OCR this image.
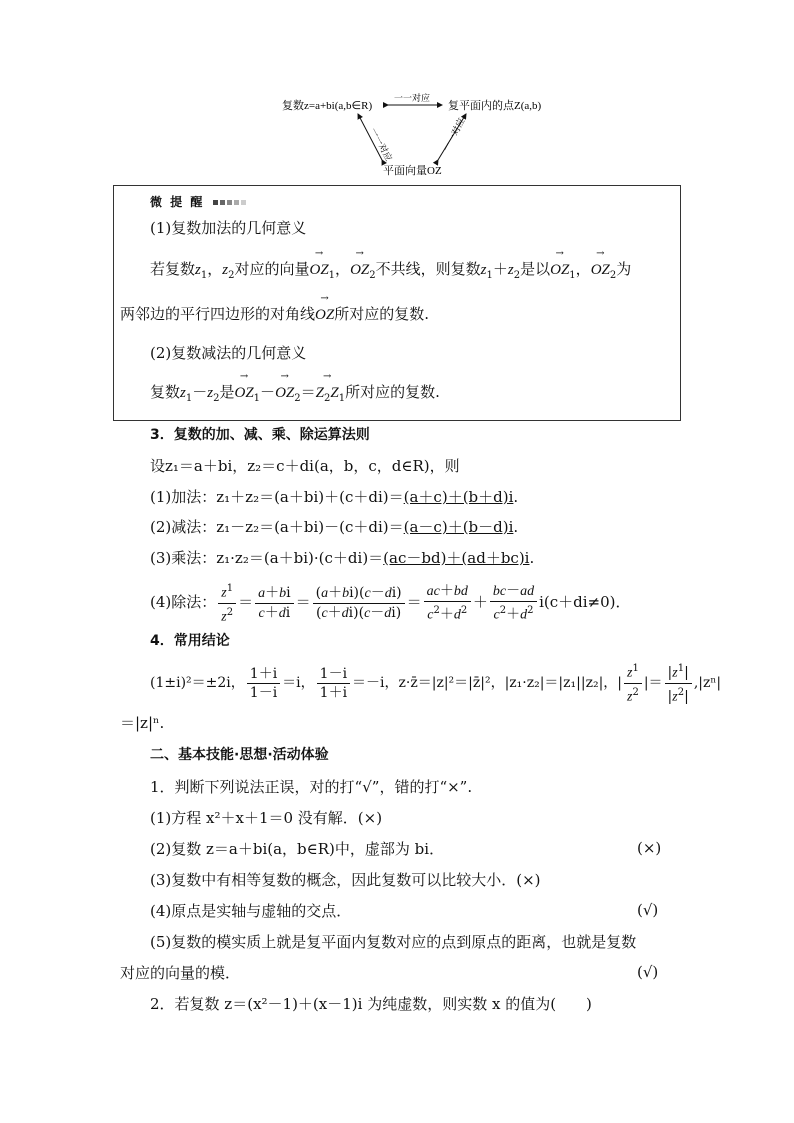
复数z=a+bi(a,b∈R)	复平面内的点Z(a,b)
平面向量OZ
一一对应
一一对应	一一对应
微 提 醒
(1)复数加法的几何意义
若复数$z_1$，$z_2$对应的向量→ $OZ_1$，→ $OZ_2$不共线，则复数$z_1+z_2$是以→ $OZ_1$，→ $OZ_2$为
两邻边的平行四边形的对角线→ OZ所对应的复数.
(2)复数减法的几何意义
复数$z_1-z_2$是→ $OZ_1-\to OZ_2=\to Z_2Z_1$所对应的复数.
3．复数的加、减、乘、除运算法则
设z₁＝a＋bi，z₂＝c＋di(a，b，c，d∈R)，则
(1)加法：z₁＋z₂＝(a＋bi)＋(c＋di)＝(a＋c)＋(b＋d)i.
(2)减法：z₁－z₂＝(a＋bi)－(c＋di)＝(a－c)＋(b－d)i.
(3)乘法：z₁·z₂＝(a＋bi)·(c＋di)＝(ac－bd)＋(ad＋bc)i.
(4)除法： $\frac{z^1}{z^2} = \frac{a+bi}{c+di} = \frac{(a+bi)(c-di)}{(c+di)(c-di)} = \frac{ac+bd}{c^2+d^2} + \frac{bc-ad}{c^2+d^2} i(c+di\ne 0)$．
4．常用结论
(1±i)²＝±2i， $\frac{1+i}{1-i} =i$， $\frac{1-i}{1+i} =-i$，z·z̄＝|z|²＝|z̄|²，|z₁·z₂|＝|z₁||z₂|，| $\frac{z^1}{z^2}$ |＝ $\frac{|z^1|}{|z^2|} ,|z^n|$
＝|z|ⁿ.
二、基本技能·思想·活动体验
1．判断下列说法正误，对的打“√”，错的打“×”.
(1)方程 x²＋x＋1＝0 没有解．(×)
(2)复数 z＝a＋bi(a，b∈R)中，虚部为 bi．	(×)
(3)复数中有相等复数的概念，因此复数可以比较大小．(×)
(4)原点是实轴与虚轴的交点．	(√)
(5)复数的模实质上就是复平面内复数对应的点到原点的距离，也就是复数
对应的向量的模．	(√)
2．若复数 z＝(x²－1)＋(x－1)i 为纯虚数，则实数 x 的值为(　　)
